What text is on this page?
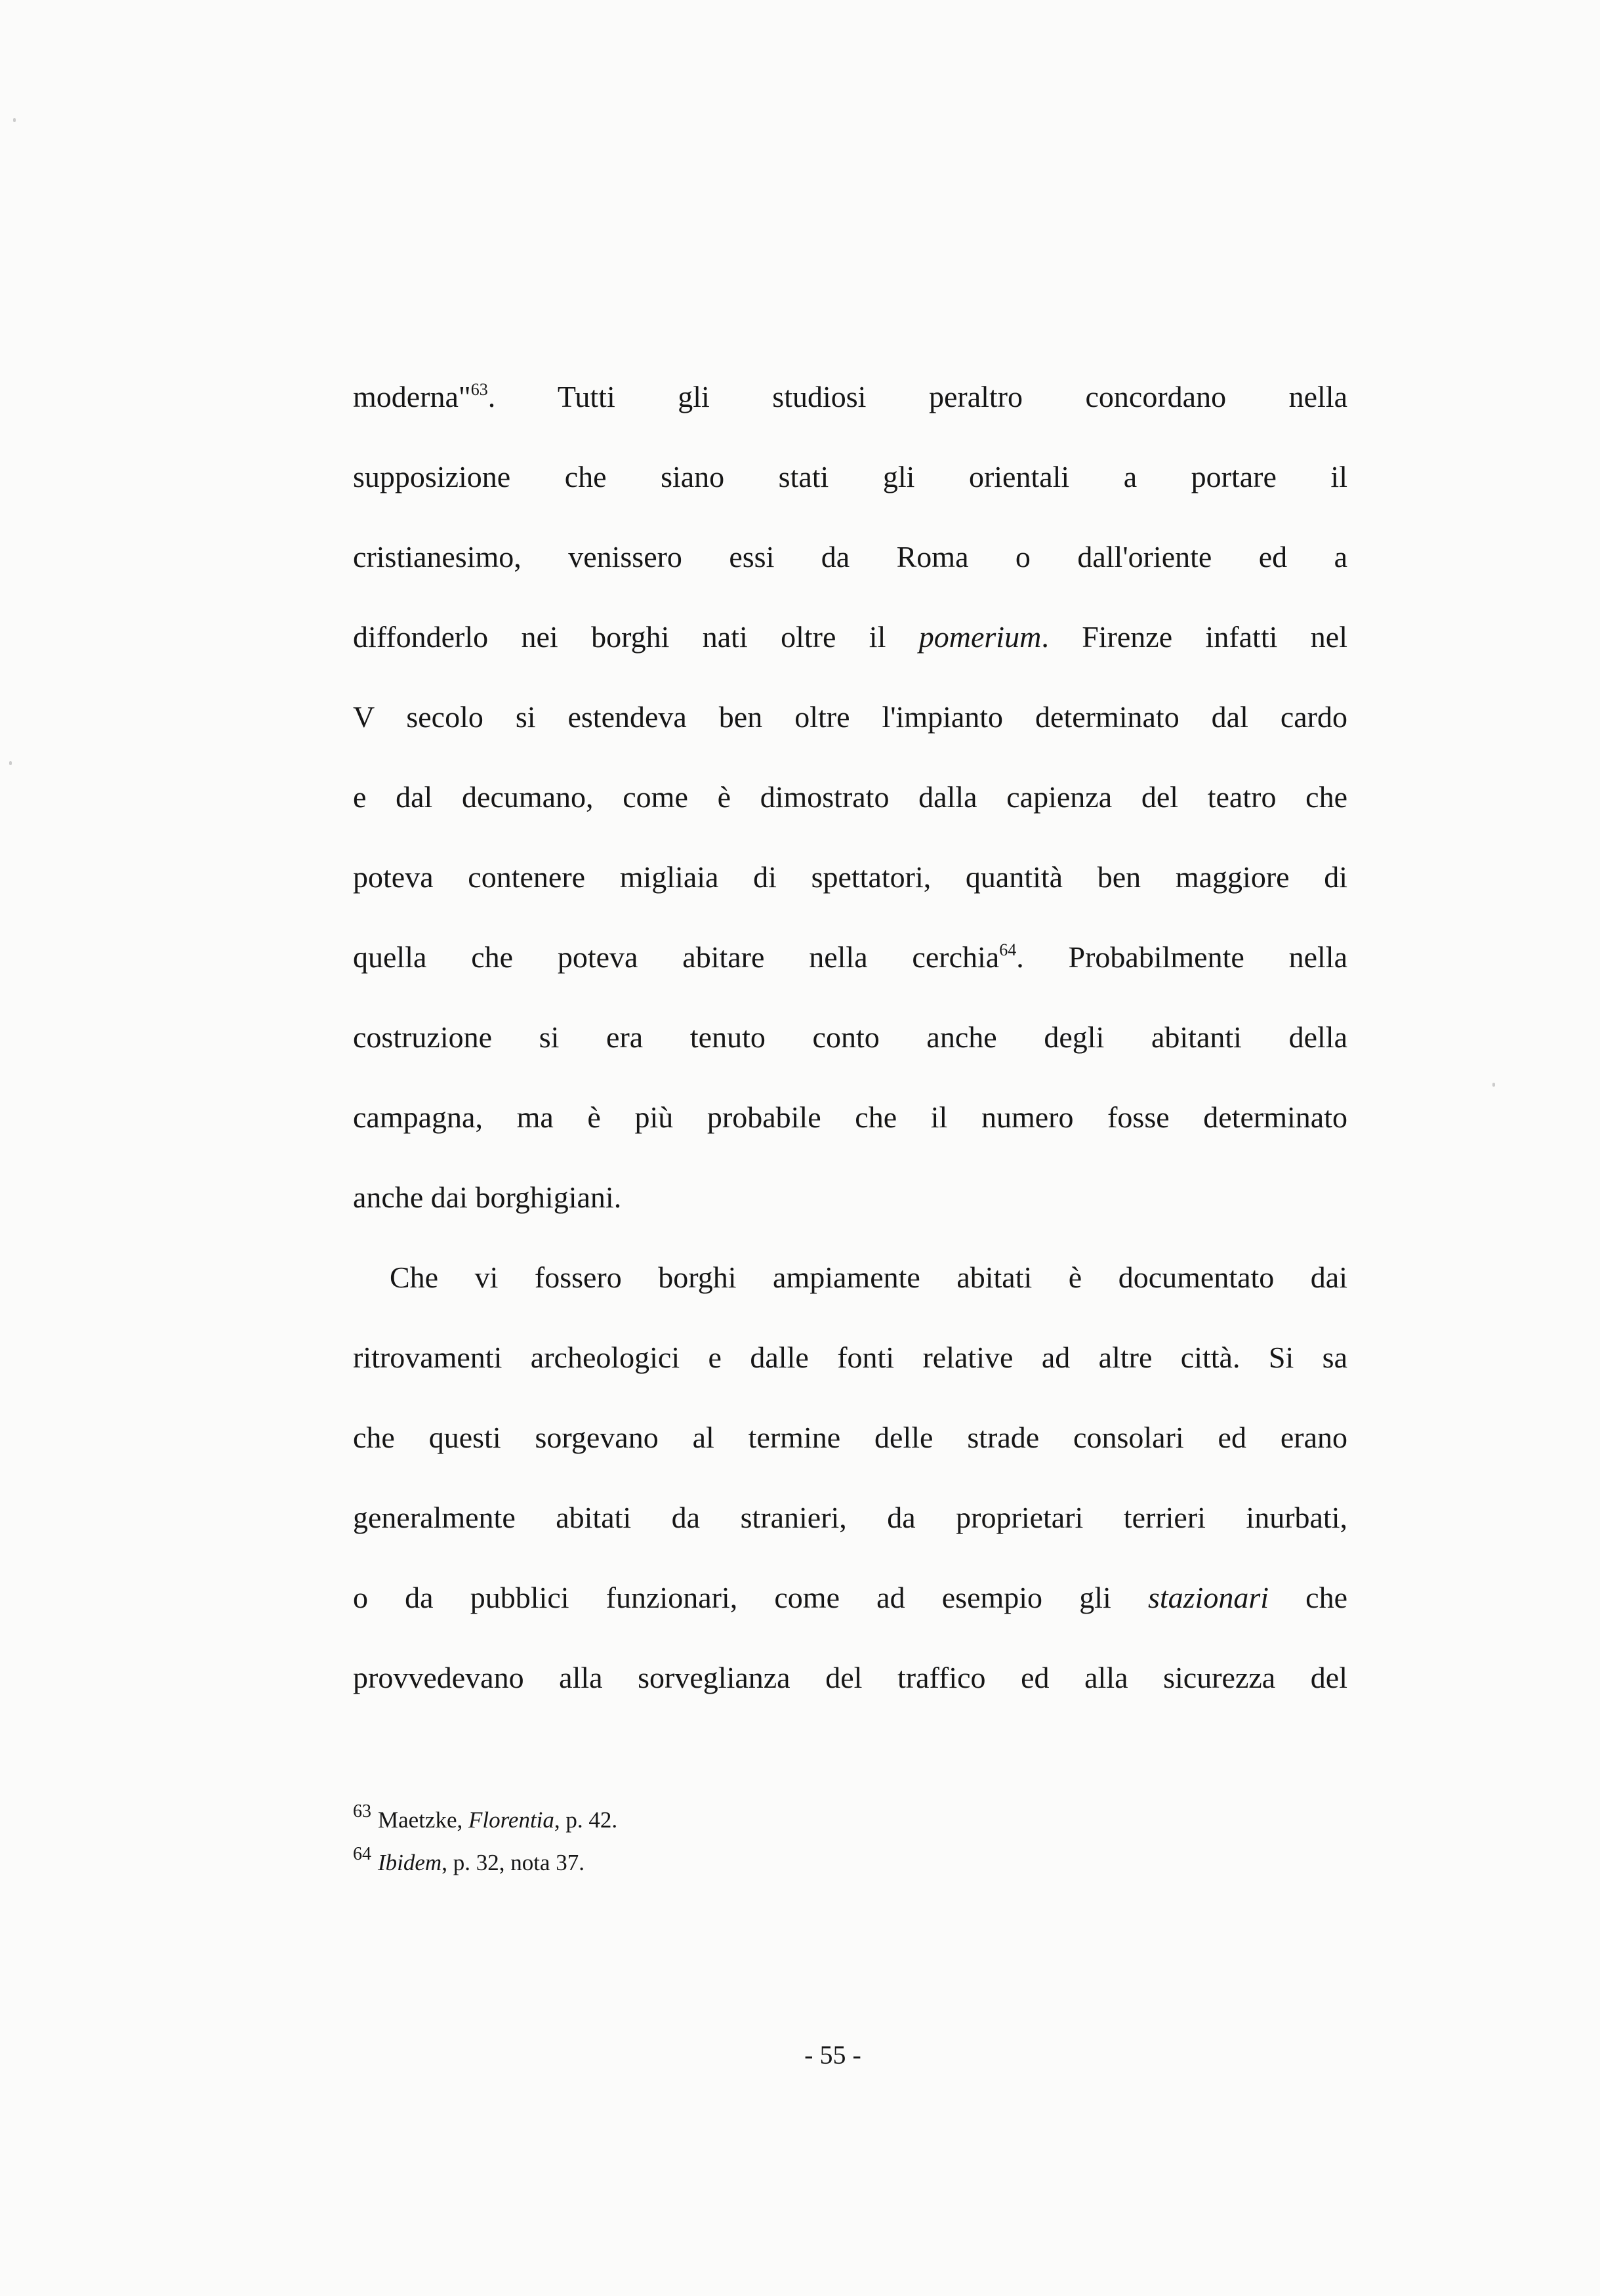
moderna"$^{63}$. Tutti gli studiosi peraltro concordano nella
supposizione che siano stati gli orientali a portare il
cristianesimo, venissero essi da Roma o dall'oriente ed a
diffonderlo nei borghi nati oltre il pomerium. Firenze infatti nel
V secolo si estendeva ben oltre l'impianto determinato dal cardo
e dal decumano, come è dimostrato dalla capienza del teatro che
poteva contenere migliaia di spettatori, quantità ben maggiore di
quella che poteva abitare nella cerchia$^{64}$. Probabilmente nella
costruzione si era tenuto conto anche degli abitanti della
campagna, ma è più probabile che il numero fosse determinato
anche dai borghigiani.
Che vi fossero borghi ampiamente abitati è documentato dai
ritrovamenti archeologici e dalle fonti relative ad altre città. Si sa
che questi sorgevano al termine delle strade consolari ed erano
generalmente abitati da stranieri, da proprietari terrieri inurbati,
o da pubblici funzionari, come ad esempio gli stazionari che
provvedevano alla sorveglianza del traffico ed alla sicurezza del
$^{63}$ Maetzke, Florentia, p. 42.
$^{64}$ Ibidem, p. 32, nota 37.
- 55 -
